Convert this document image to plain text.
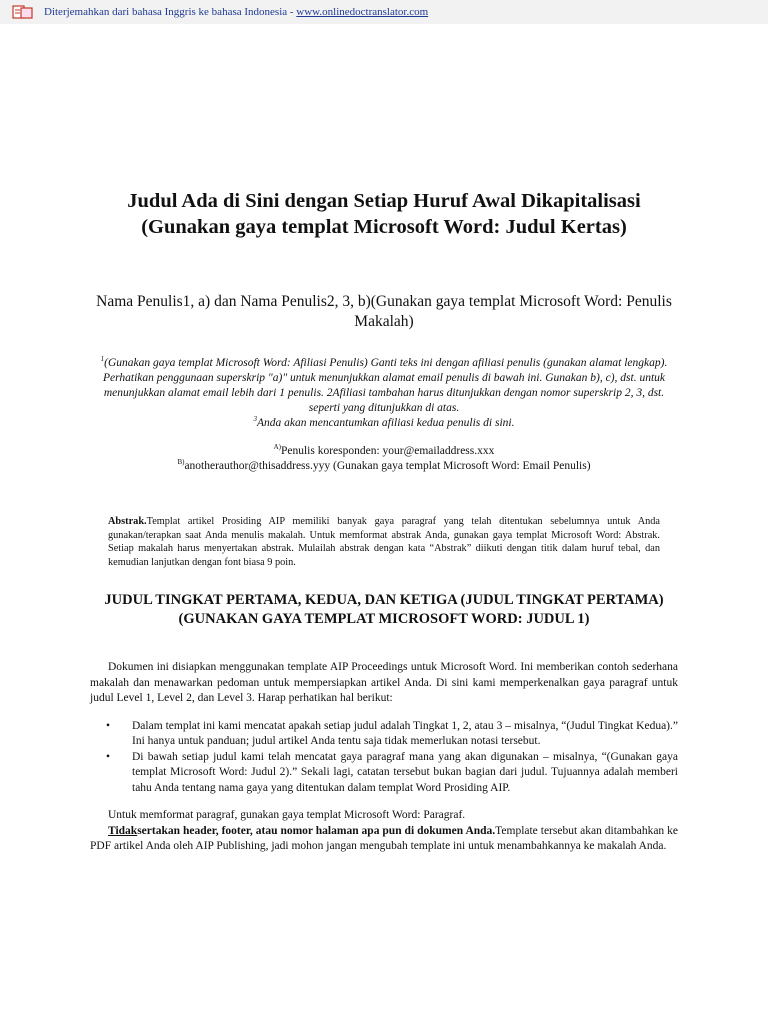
Diterjemahkan dari bahasa Inggris ke bahasa Indonesia - www.onlinedoctranslator.com
Judul Ada di Sini dengan Setiap Huruf Awal Dikapitalisasi
(Gunakan gaya templat Microsoft Word: Judul Kertas)
Nama Penulis1, a) dan Nama Penulis2, 3, b)(Gunakan gaya templat Microsoft Word: Penulis Makalah)

$^1$(Gunakan gaya templat Microsoft Word: Afiliasi Penulis) Ganti teks ini dengan afiliasi penulis (gunakan alamat lengkap). Perhatikan penggunaan superskrip "a)" untuk menunjukkan alamat email penulis di bawah ini. Gunakan b), c), dst. untuk menunjukkan alamat email lebih dari 1 penulis. 2Afiliasi tambahan harus ditunjukkan dengan nomor superskrip 2, 3, dst. seperti yang ditunjukkan di atas.

$^3$Anda akan mencantumkan afiliasi kedua penulis di sini.

$^{A)}$Penulis koresponden: your@emailaddress.xxx

$^{B)}$anotherauthor@thisaddress.yyy (Gunakan gaya templat Microsoft Word: Email Penulis)

Abstrak.Templat artikel Prosiding AIP memiliki banyak gaya paragraf yang telah ditentukan sebelumnya untuk Anda gunakan/terapkan saat Anda menulis makalah. Untuk memformat abstrak Anda, gunakan gaya templat Microsoft Word: Abstrak. Setiap makalah harus menyertakan abstrak. Mulailah abstrak dengan kata “Abstrak” diikuti dengan titik dalam huruf tebal, dan kemudian lanjutkan dengan font biasa 9 poin.
JUDUL TINGKAT PERTAMA, KEDUA, DAN KETIGA (JUDUL TINGKAT PERTAMA) (GUNAKAN GAYA TEMPLAT MICROSOFT WORD: JUDUL 1)

Dokumen ini disiapkan menggunakan template AIP Proceedings untuk Microsoft Word. Ini memberikan contoh sederhana makalah dan menawarkan pedoman untuk mempersiapkan artikel Anda. Di sini kami memperkenalkan gaya paragraf untuk judul Level 1, Level 2, dan Level 3. Harap perhatikan hal berikut:

• Dalam templat ini kami mencatat apakah setiap judul adalah Tingkat 1, 2, atau 3 – misalnya, “(Judul Tingkat Kedua).” Ini hanya untuk panduan; judul artikel Anda tentu saja tidak memerlukan notasi tersebut.
• Di bawah setiap judul kami telah mencatat gaya paragraf mana yang akan digunakan – misalnya, “(Gunakan gaya templat Microsoft Word: Judul 2).” Sekali lagi, catatan tersebut bukan bagian dari judul. Tujuannya adalah memberi tahu Anda tentang nama gaya yang ditentukan dalam templat Word Prosiding AIP.

Untuk memformat paragraf, gunakan gaya templat Microsoft Word: Paragraf.

Tidaksertakan header, footer, atau nomor halaman apa pun di dokumen Anda.Template tersebut akan ditambahkan ke PDF artikel Anda oleh AIP Publishing, jadi mohon jangan mengubah template ini untuk menambahkannya ke makalah Anda.
